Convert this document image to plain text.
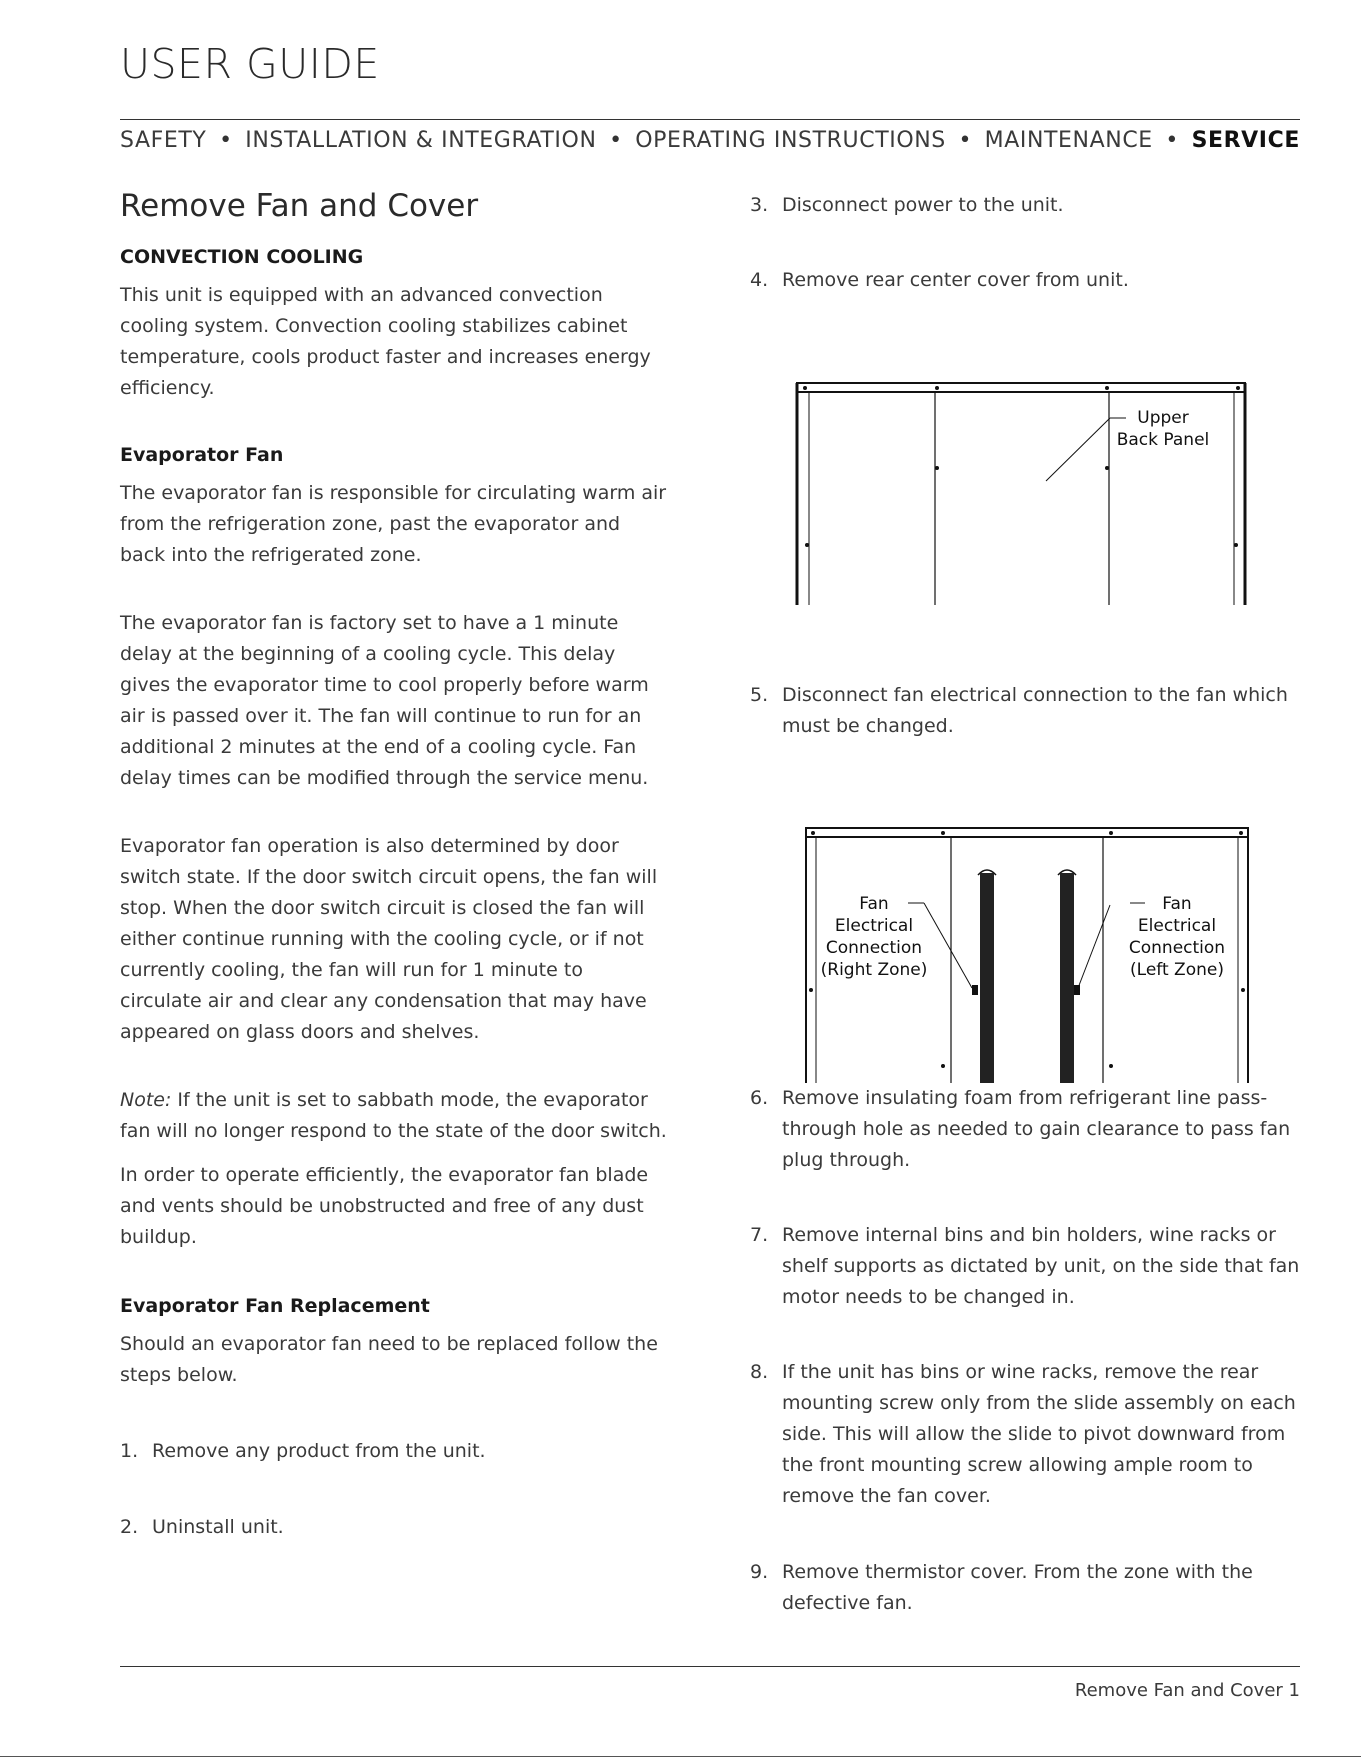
USER GUIDE
SAFETY • INSTALLATION & INTEGRATION • OPERATING INSTRUCTIONS • MAINTENANCE • SERVICE
Remove Fan and Cover
CONVECTION COOLING

This unit is equipped with an advanced convection cooling system. Convection cooling stabilizes cabinet temperature, cools product faster and increases energy efficiency.

Evaporator Fan

The evaporator fan is responsible for circulating warm air from the refrigeration zone, past the evaporator and back into the refrigerated zone.

The evaporator fan is factory set to have a 1 minute delay at the beginning of a cooling cycle. This delay gives the evaporator time to cool properly before warm air is passed over it. The fan will continue to run for an additional 2 minutes at the end of a cooling cycle. Fan delay times can be modified through the service menu.

Evaporator fan operation is also determined by door switch state. If the door switch circuit opens, the fan will stop. When the door switch circuit is closed the fan will either continue running with the cooling cycle, or if not currently cooling, the fan will run for 1 minute to circulate air and clear any condensation that may have appeared on glass doors and shelves.

Note: If the unit is set to sabbath mode, the evaporator fan will no longer respond to the state of the door switch.

In order to operate efficiently, the evaporator fan blade and vents should be unobstructed and free of any dust buildup.

Evaporator Fan Replacement

Should an evaporator fan need to be replaced follow the steps below.

1. Remove any product from the unit.
2. Uninstall unit.
3. Disconnect power to the unit.
4. Remove rear center cover from unit.
Upper
Back Panel
5. Disconnect fan electrical connection to the fan which must be changed.
Fan
Electrical
Connection
(Right Zone)
Fan
Electrical
Connection
(Left Zone)
6. Remove insulating foam from refrigerant line pass-through hole as needed to gain clearance to pass fan plug through.
7. Remove internal bins and bin holders, wine racks or shelf supports as dictated by unit, on the side that fan motor needs to be changed in.
8. If the unit has bins or wine racks, remove the rear mounting screw only from the slide assembly on each side. This will allow the slide to pivot downward from the front mounting screw allowing ample room to remove the fan cover.
9. Remove thermistor cover. From the zone with the defective fan.
Remove Fan and Cover 1
